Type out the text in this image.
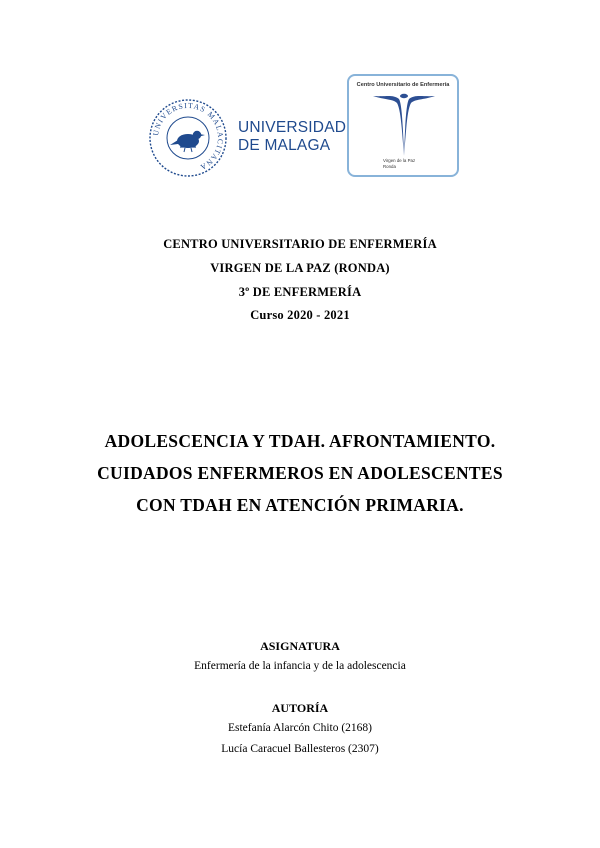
UNIVERSITAS MALACITANA
UNIVERSIDAD
DE MALAGA
Centro Universitario de Enfermería
Virgen de la Paz
Ronda
CENTRO UNIVERSITARIO DE ENFERMERÍA
VIRGEN DE LA PAZ (RONDA)
3º DE ENFERMERÍA
Curso 2020 - 2021
ADOLESCENCIA Y TDAH. AFRONTAMIENTO.
CUIDADOS ENFERMEROS EN ADOLESCENTES
CON TDAH EN ATENCIÓN PRIMARIA.
ASIGNATURA
Enfermería de la infancia y de la adolescencia
AUTORÍA
Estefanía Alarcón Chito (2168)
Lucía Caracuel Ballesteros (2307)
